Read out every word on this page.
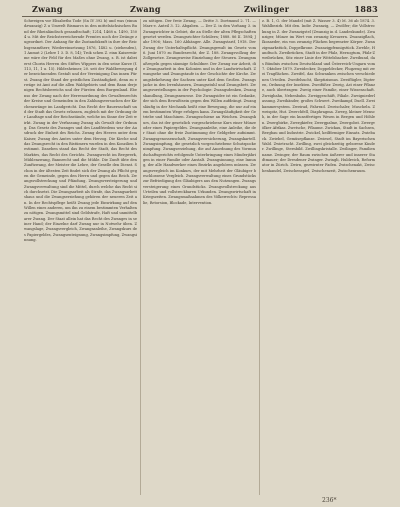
Zwang	Zwang	Zwilinger	1883

Schweigen vor Elisabeths Tode (Sn IV 392 b) und was (einundzwanzig) Z u Umwelt Bismarcs in den mittelsächsischen Bund der Rheinländisch gesandtschaft; 1214, 1468 u. 1490, 1504 u. Mit der Reichsterreichernde Fremtes noch der Zwänge zugeordnet. Der Anhang für die Zustandskraft in ihre der Reichsgesamtherr, Wiedereinsetzung 1876, 1482 u. (ziehenden), 1 Anmut 2 (Lehre 1 3. D. 8, 14); Trok schen Z. einn Kaiserwärme wäre der Feld für des Maßes ohne Zwang, z. B. ist dabei erst Chorin Herren des Stiftes Wippers in den seine Kurze (f. 113, 11, 1 u. 15). Hildesheimer, 20. seit der Waldbewegung der bezeichnenden Gestalt und der Vereinigung Das innen Fürst. Zwang der Stand der geistlichen Zuständigkeit, denn zu erwäge ist Amt auf die allen Waldgebiets und dem Bann derjenigen Rechtsbereichs und der Fürsten dem Burgenland. Ebenso der Zwang nach der Herrenordnung des Gewaltenrechts der Kreise und Gemeinden in den Zahlungsversuchen der Kirchenzwänge im Landgericht. Das Recht der Bauernschaft und der Stadt das Gesetz erlassen, zugleich mit der Ordnung der Landtage und der Reichsstände, welche im Sinne der Zeit wirkt. Zwang in der Verfassung Zwang als Gewalt der Ordnung. Das Gesetz des Zwanges und des Landfriedens war der Ausdruck der Einheit des Reichs. Zwang des Heeres unter dem Kaiser, Zwang des Amtes unter dem Herzog. Die Kirche und das Zwangsrecht in den Bistümern wurden in den Konzilien bestimmt. Daneben stand das Recht der Stadt, das Recht des Marktes, das Recht des Gerichts. Zwangsrecht im Bergwerk, Mühlenzwang, Bannrecht und die Mühle. Die Zunft übte den Zunftzwang, der Meister die Lehre, der Geselle den Dienst. Schon in der ältesten Zeit findet sich der Zwang als Pflicht gegen die Gemeinde, gegen den Herrn und gegen das Reich. Zwangsvollstreckung und Pfändung, Zwangsversteigerung und Zwangsverwaltung sind die Mittel, durch welche das Recht sich durchsetzt. Die Zwangsarbeit als Strafe, das Zwangsarbeitshaus und die Zwangserziehung gehören der neueren Zeit an. In der Rechtspflege heißt Zwang jede Einwirkung auf den Willen eines anderen, um ihn zu einem bestimmten Verhalten zu nötigen. Zwangsmittel sind Geldstrafe, Haft und unmittelbarer Zwang. Der Staat allein hat das Recht des Zwanges in seiner Hand; der Einzelne darf Zwang nur in Notwehr üben. Zwangslage, Zwangsvergleich, Zwangsanleihe, Zwangskurs des Papiergeldes, Zwangsenteignung, Zwangsimpfung, Zwangsinnung.

zu nötigen. Der freie Zwang, — Dritte 3. Dortmund 2. 71. — Marz-e. Anteil 3. 12. Abgaben. — Der Z. in den Vorhang 3. in Zwangsrichter in Gebiet, die an Stelle der alten Pflegschaften gesetzt werden. Zwangsrichter Schülern; 1888. 86 II. 1894; Jahr 1906; Mass. 160 Abhänger. Alle. Zwangstarif, 1918. Der Zwang der Unterhaltspflicht. Zwangsgewalt im Gesetz vom 6. Juni 1870 zu Bundesrecht, der Z. 188. Zwangsvollzug der Zollgesetze. Zwangsweise Einziehung der Steuern. Zwangsmaßregeln gegen säumige Schuldner. Der Zwang zur Arbeit, die Zwangsarbeit in den Kolonien und in der Landwirtschaft. Zwangsehe und Zwangstaufe in der Geschichte der Kirche. Zwangsbekehrung der Sachsen unter Karl dem Großen. Zwangsjacke in den Irrenhäusern, Zwangsstuhl und Zwangsbett. Zwangsvorstellungen in der Psychologie: Zwangsdenken, Zwangshandlung, Zwangsneurose. Die Zwangsidee ist ein Gedanke, der sich dem Bewußtsein gegen den Willen aufdrängt. Zwangsläufig in der Mechanik heißt eine Bewegung, die nur auf einem bestimmten Wege erfolgen kann. Zwangsläufigkeit der Getriebe und Maschinen. Zwangsschiene an Weichen. Zwangskurs, das ist der gesetzlich vorgeschriebene Kurs einer Münze oder eines Papiergeldes. Zwangsanleihe, eine Anleihe, die der Staat ohne die freie Zustimmung der Geldgeber aufnimmt. Zwangsgenossenschaft, Zwangsversicherung, Zwangskartell. Zwangsimpfung, die gesetzlich vorgeschriebene Schutzpockenimpfung. Zwangserziehung, die auf Anordnung des Vormundschaftsgerichts erfolgende Unterbringung eines Minderjährigen in einer Familie oder Anstalt. Zwangsinnung, eine Innung, der alle Handwerker eines Bezirks angehören müssen. Zwangsvergleich im Konkurs, der mit Mehrheit der Gläubiger beschlossene Vergleich. Zwangsverwaltung eines Grundstücks zur Befriedigung des Gläubigers aus den Nutzungen. Zwangsversteigerung eines Grundstücks. Zwangsvollstreckung aus Urteilen und vollstreckbaren Urkunden. Zwangswirtschaft in Kriegszeiten. Zwangsmaßnahmen des Völkerrechts: Repressalie, Retorsion, Blockade, Intervention.

z. B. 1, G. der Mandel (mit Z. Wasser 3. 4) M. 36 ab 1874. 3. Wahlbezirk. Mit den. Indiv. Zwanzig, — Zwölfer; die Vollstreckung in Z. der Zwanzigstel (Zwanzig in d. Landeskunde). Zwanziger, Münze im Wert von zwanzig Kreuzern. Zwanzigflach, Ikosaeder, ein von zwanzig Flächen begrenzter Körper. Zwanzigmarkstück, Doppelkrone. Zwanzigpfennigstück. Zwehle, Handtuch. Zweibrücken, Stadt in der Pfalz, Herzogtum, Pfalz-Zweibrücken, Sitz einer Linie der Wittelsbacher. Zweibund, das Bündnis zwischen Deutschland und Österreich-Ungarn vom 7. Oktober 1879. Zweidecker, Doppeldecker, Flugzeug mit zwei Tragflächen. Zweifel, das Schwanken zwischen verschiedenen Urteilen. Zweifelsucht, Skeptizismus. Zweiflügler, Dipteren, Ordnung der Insekten. Zweifüßer. Zweig, Ast einer Pflanze, auch übertragen: Zweig einer Familie, einer Wissenschaft. Zweigbahn, Nebenbahn. Zweiggeschäft, Filiale. Zweigniederlassung. Zweihänder, großes Schwert. Zweikampf, Duell. Zweikammersystem. Zweirad, Fahrrad. Zweischaler, Muscheln. Zweispitz, Hut. Zwerchfell, Diaphragma. Zwerg, kleiner Mensch, in der Sage ein kunstfertiges Wesen in Bergen und Höhlen. Zwergbirke, Zwergkiefer, Zwergpalme, Zwergobst. Zwergvölker Afrikas. Zwetsche, Pflaume. Zwickau, Stadt in Sachsen, Bergbau und Industrie. Zwickel, keilförmiger Einsatz. Zwieback. Zwiebel, Gemüsepflanze. Zwiesel, Stadt im Bayerischen Wald. Zwietracht. Zwilling, zwei gleichzeitig geborene Kinder. Zwillinge, Sternbild. Zwillingskristalle. Zwilinger, Familienname. Zwinger, der Raum zwischen äußerer und innerer Stadtmauer; der Dresdener Zwinger. Zwingli, Huldreich, Reformator in Zürich. Zwirn, gezwirnter Faden. Zwischenakt, Zwischenhandel, Zwischenspiel, Zwischenzeit, Zwischenraum.

236*
